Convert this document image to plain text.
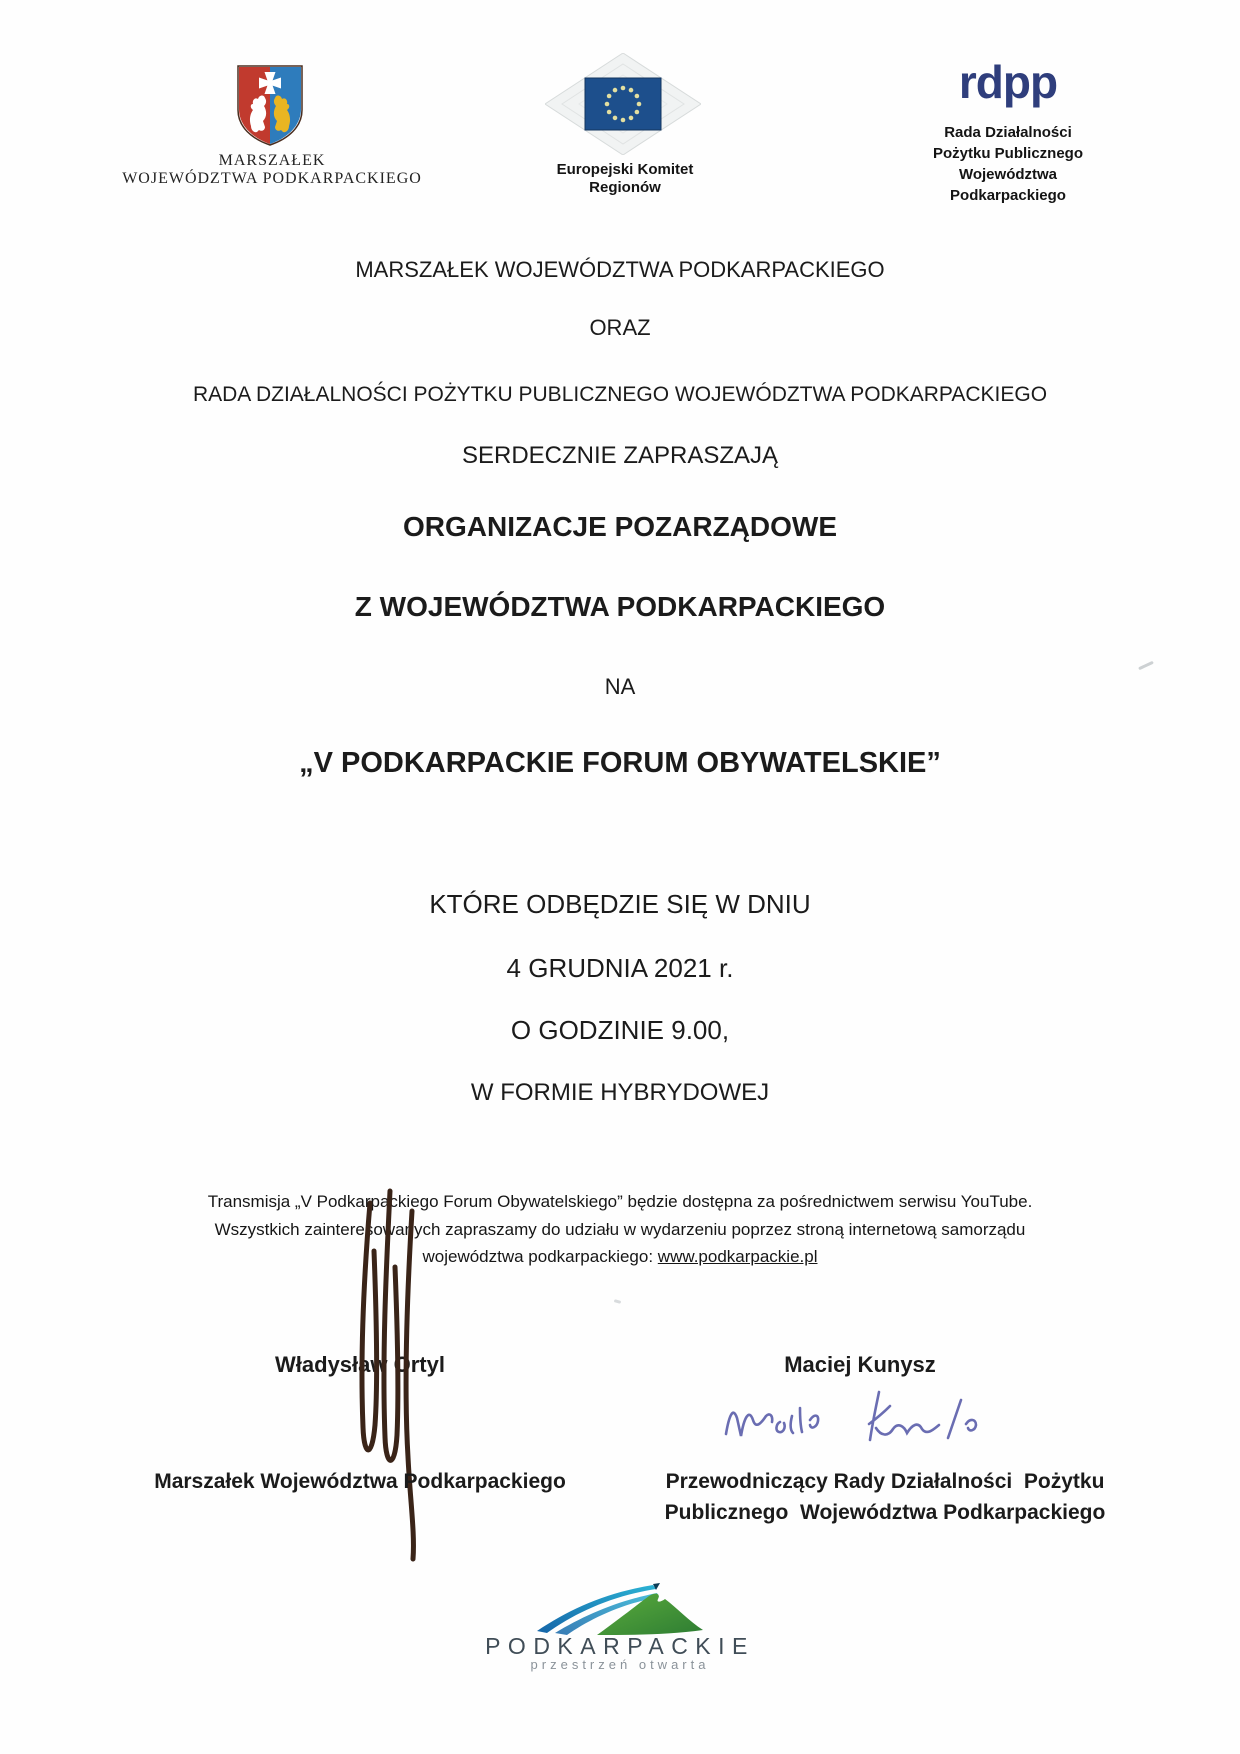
MARSZAŁEK
WOJEWÓDZTWA PODKARPACKIEGO
Europejski Komitet
Regionów
rdpp
Rada Działalności
Pożytku Publicznego
Województwa
Podkarpackiego
MARSZAŁEK WOJEWÓDZTWA PODKARPACKIEGO
ORAZ
RADA DZIAŁALNOŚCI POŻYTKU PUBLICZNEGO WOJEWÓDZTWA PODKARPACKIEGO
SERDECZNIE ZAPRASZAJĄ
ORGANIZACJE POZARZĄDOWE
Z WOJEWÓDZTWA PODKARPACKIEGO
NA
„V PODKARPACKIE FORUM OBYWATELSKIE”
KTÓRE ODBĘDZIE SIĘ W DNIU
4 GRUDNIA 2021 r.
O GODZINIE 9.00,
W FORMIE HYBRYDOWEJ
Transmisja „V Podkarpackiego Forum Obywatelskiego” będzie dostępna za pośrednictwem serwisu YouTube.
Wszystkich zainteresowanych zapraszamy do udziału w wydarzeniu poprzez stroną internetową samorządu
województwa podkarpackiego: www.podkarpackie.pl
Władysław Ortyl	Maciej Kunysz
Marszałek Województwa Podkarpackiego	Przewodniczący Rady Działalności  Pożytku
Publicznego  Województwa Podkarpackiego
PODKARPACKIE
przestrzeń otwarta
